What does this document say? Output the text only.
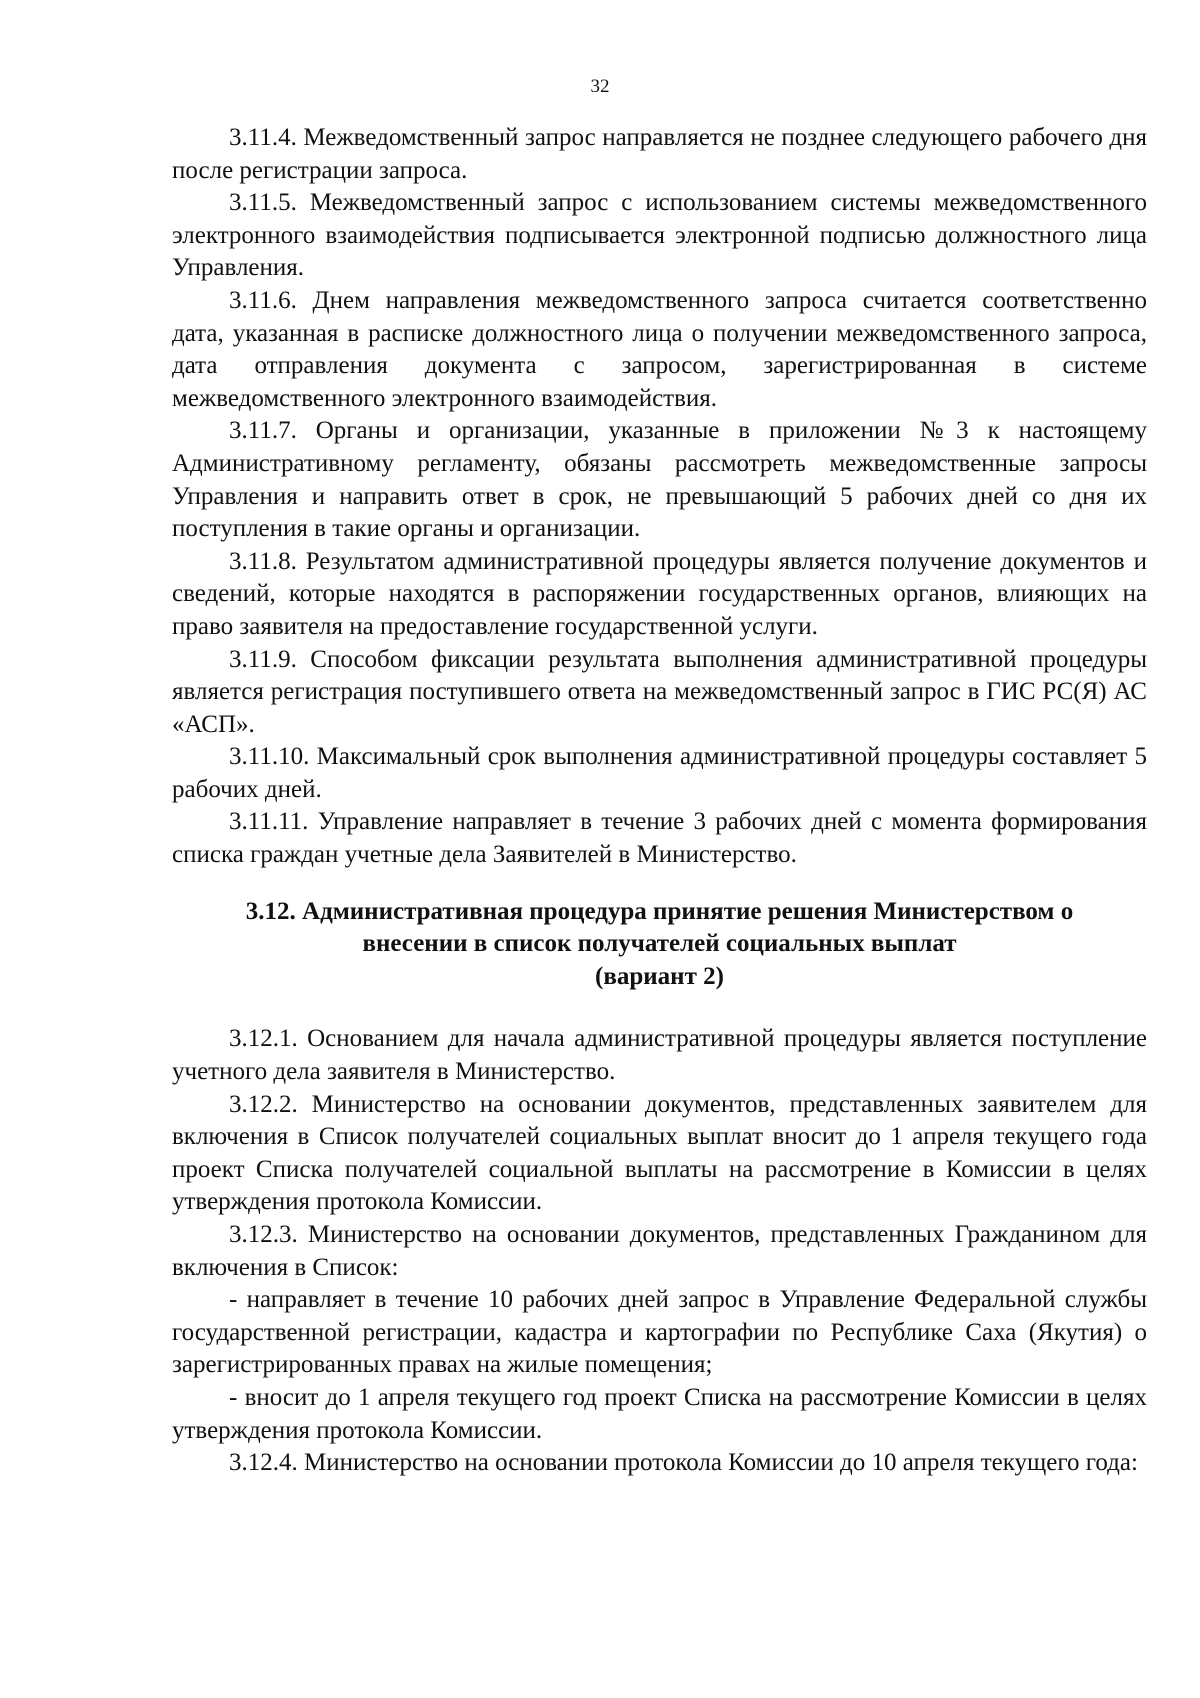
32

3.11.4. Межведомственный запрос направляется не позднее следующего рабочего дня после регистрации запроса.

3.11.5. Межведомственный запрос с использованием системы межведомственного электронного взаимодействия подписывается электронной подписью должностного лица Управления.

3.11.6. Днем направления межведомственного запроса считается соответственно дата, указанная в расписке должностного лица о получении межведомственного запроса, дата отправления документа с запросом, зарегистрированная в системе межведомственного электронного взаимодействия.

3.11.7. Органы и организации, указанные в приложении №3 к настоящему Административному регламенту, обязаны рассмотреть межведомственные запросы Управления и направить ответ в срок, не превышающий 5 рабочих дней со дня их поступления в такие органы и организации.

3.11.8. Результатом административной процедуры является получение документов и сведений, которые находятся в распоряжении государственных органов, влияющих на право заявителя на предоставление государственной услуги.

3.11.9. Способом фиксации результата выполнения административной процедуры является регистрация поступившего ответа на межведомственный запрос в ГИС РС(Я) АС «АСП».

3.11.10. Максимальный срок выполнения административной процедуры составляет 5 рабочих дней.

3.11.11. Управление направляет в течение 3 рабочих дней с момента формирования списка граждан учетные дела Заявителей в Министерство.

3.12. Административная процедура принятие решения Министерством о
внесении в список получателей социальных выплат
(вариант 2)

3.12.1. Основанием для начала административной процедуры является поступление учетного дела заявителя в Министерство.

3.12.2. Министерство на основании документов, представленных заявителем для включения в Список получателей социальных выплат вносит до 1 апреля текущего года проект Списка получателей социальной выплаты на рассмотрение в Комиссии в целях утверждения протокола Комиссии.

3.12.3. Министерство на основании документов, представленных Гражданином для включения в Список:

- направляет в течение 10 рабочих дней запрос в Управление Федеральной службы государственной регистрации, кадастра и картографии по Республике Саха (Якутия) о зарегистрированных правах на жилые помещения;

- вносит до 1 апреля текущего год проект Списка на рассмотрение Комиссии в целях утверждения протокола Комиссии.

3.12.4. Министерство на основании протокола Комиссии до 10 апреля текущего года:
